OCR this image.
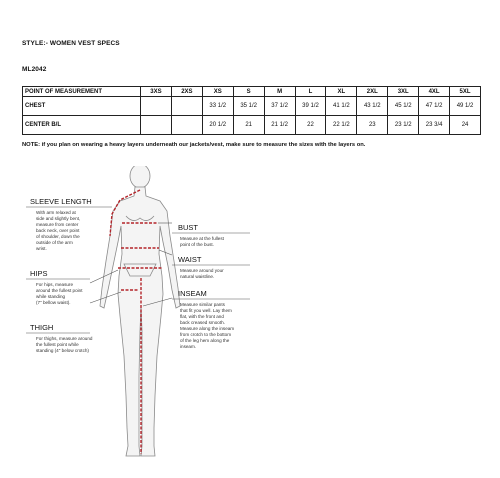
STYLE:- WOMEN VEST SPECS
ML2042
POINT OF MEASUREMENT	3XS	2XS	XS	S	M	L	XL	2XL	3XL	4XL	5XL
CHEST			33 1/2	35 1/2	37 1/2	39 1/2	41 1/2	43 1/2	45 1/2	47 1/2	49 1/2
CENTER B/L			20 1/2	21	21 1/2	22	22 1/2	23	23 1/2	23 3/4	24
NOTE: if you plan on wearing a heavy layers underneath our jackets/vest, make sure to measure the sizes with the layers on.
SLEEVE LENGTH
With arm relaxed at
side and slightly bent,
measure from center
back neck, over point
of shoulder, down the
outside of the arm
wrist.
HIPS
For hips, measure
around the fullest point
while standing
(7" bellow waist).
THIGH
For thighs, measure around
the fullest point while
standing (4" below crotch)
BUST
Measure at the fullest
point of the bust.
WAIST
Measure around your
natural waistline.
INSEAM
Measure similar pants
that fit you well. Lay them
flat, with the front and
back creased smooth.
Measure along the inseam
from crotch to the bottom
of the leg hem along the
inseam.
